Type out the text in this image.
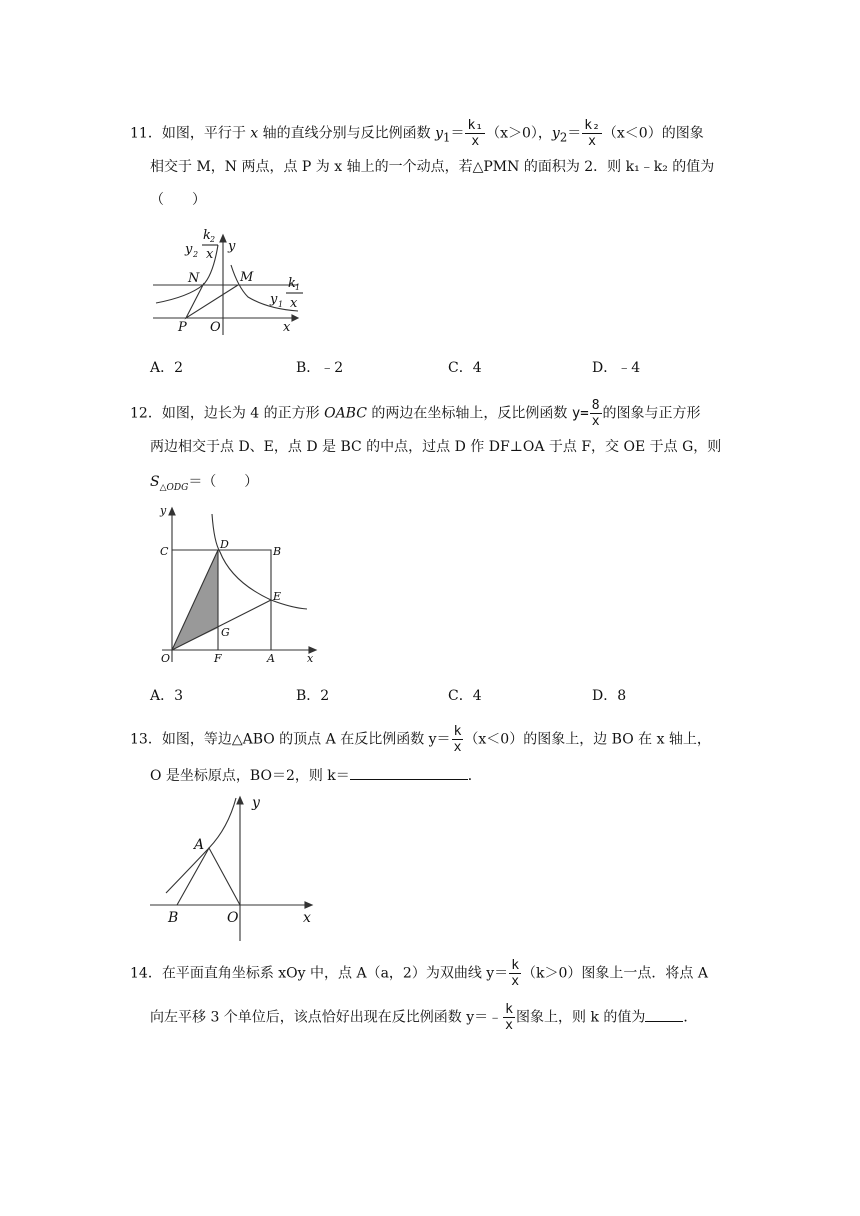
11．如图，平行于 x 轴的直线分别与反比例函数 $y_1= \frac{\text{k₁}}{x} (x>0)$，$y_2= \frac{\text{k₂}}{x} (x<0)$的图象
相交于 M，N 两点，点 P 为 x 轴上的一个动点，若△PMN 的面积为 2．则 k₁﹣k₂ 的值为
（　　）
y 2
k 2
x
y
N	M
P O
y 1
k 1
x
x
A．2	B．﹣2	C．4	D．﹣4
12．如图，边长为 4 的正方形 OABC 的两边在坐标轴上，反比例函数 $y= \frac{8}{x}$ 的图象与正方形
两边相交于点 D、E，点 D 是 BC 的中点，过点 D 作 DF⊥OA 于点 F，交 OE 于点 G，则
$S_{\triangle ODG}=$（　　）
y
C
D
B
E
G
O	F	A	x
A．3	B．2	C．4	D．8
13．如图，等边△ABO 的顶点 A 在反比例函数 $y= \frac{k}{x} (x<0)$的图象上，边 BO 在 x 轴上，
O 是坐标原点，BO＝2，则 k＝	．
y
A
B	O	x
14．在平面直角坐标系 xOy 中，点 A（a，2）为双曲线 $y= \frac{k}{x} (k>0)$图象上一点．将点 A
向左平移 3 个单位后，该点恰好出现在反比例函数 y＝﹣ $\frac{k}{x}$ 图象上，则 k 的值为	．
